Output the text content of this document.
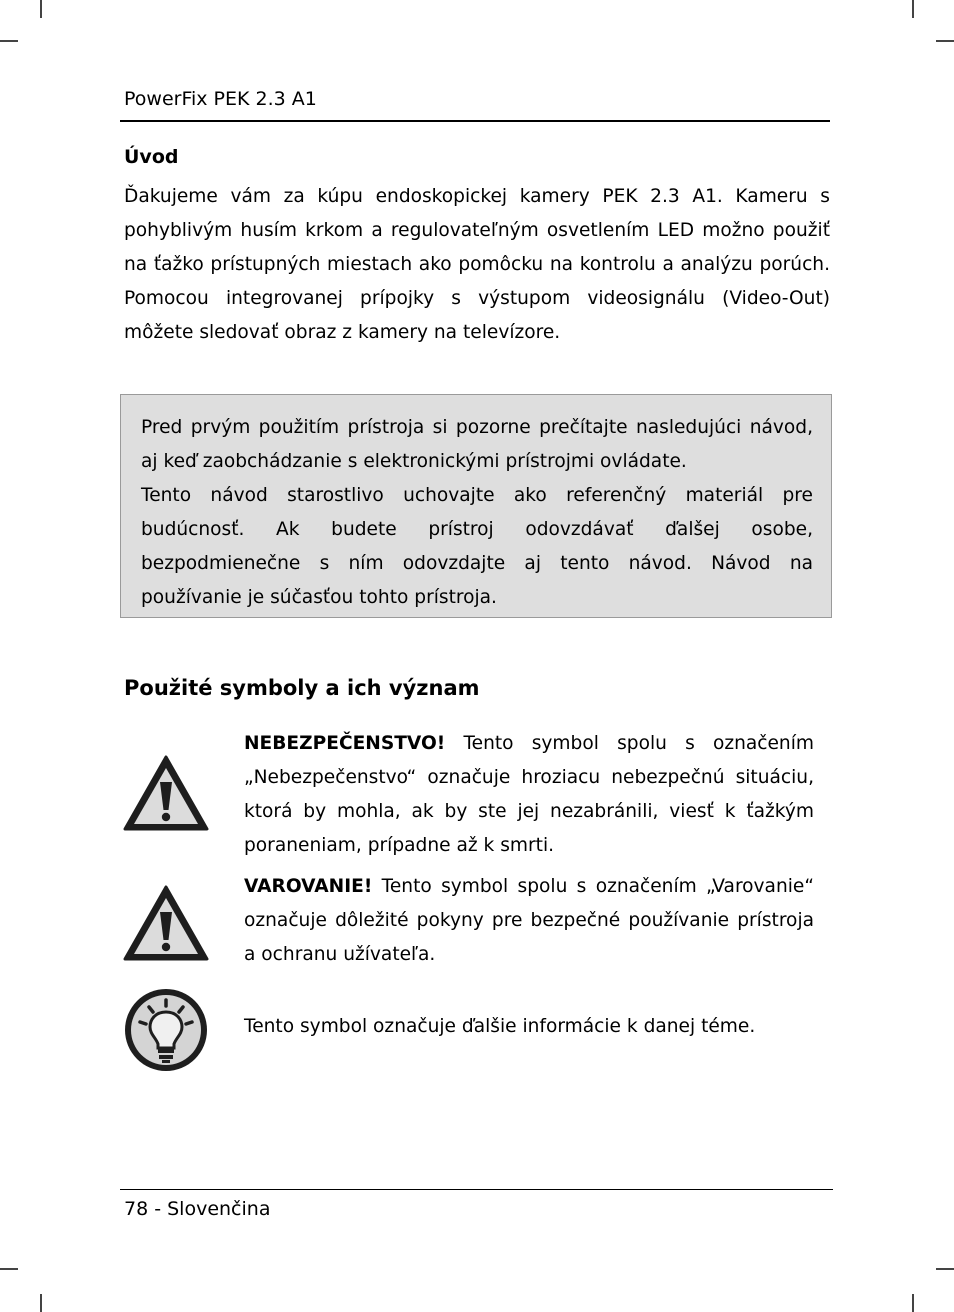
PowerFix PEK 2.3 A1
Úvod
Ďakujeme vám za kúpu endoskopickej kamery PEK 2.3 A1. Kameru s pohyblivým husím krkom a regulovateľným osvetlením LED možno použiť na ťažko prístupných miestach ako pomôcku na kontrolu a analýzu porúch. Pomocou integrovanej prípojky s výstupom videosignálu (Video-Out) môžete sledovať obraz z kamery na televízore.
Pred prvým použitím prístroja si pozorne prečítajte nasledujúci návod, aj keď zaobchádzanie s elektronickými prístrojmi ovládate.
Tento návod starostlivo uchovajte ako referenčný materiál pre budúcnosť. Ak budete prístroj odovzdávať ďalšej osobe, bezpodmienečne s ním odovzdajte aj tento návod. Návod na používanie je súčasťou tohto prístroja.
Použité symboly a ich význam
NEBEZPEČENSTVO! Tento symbol spolu s označením „Nebezpečenstvo“ označuje hroziacu nebezpečnú situáciu, ktorá by mohla, ak by ste jej nezabránili, viesť k ťažkým poraneniam, prípadne až k smrti.
VAROVANIE! Tento symbol spolu s označením „Varovanie“ označuje dôležité pokyny pre bezpečné používanie prístroja a ochranu užívateľa.
Tento symbol označuje ďalšie informácie k danej téme.
78 - Slovenčina
